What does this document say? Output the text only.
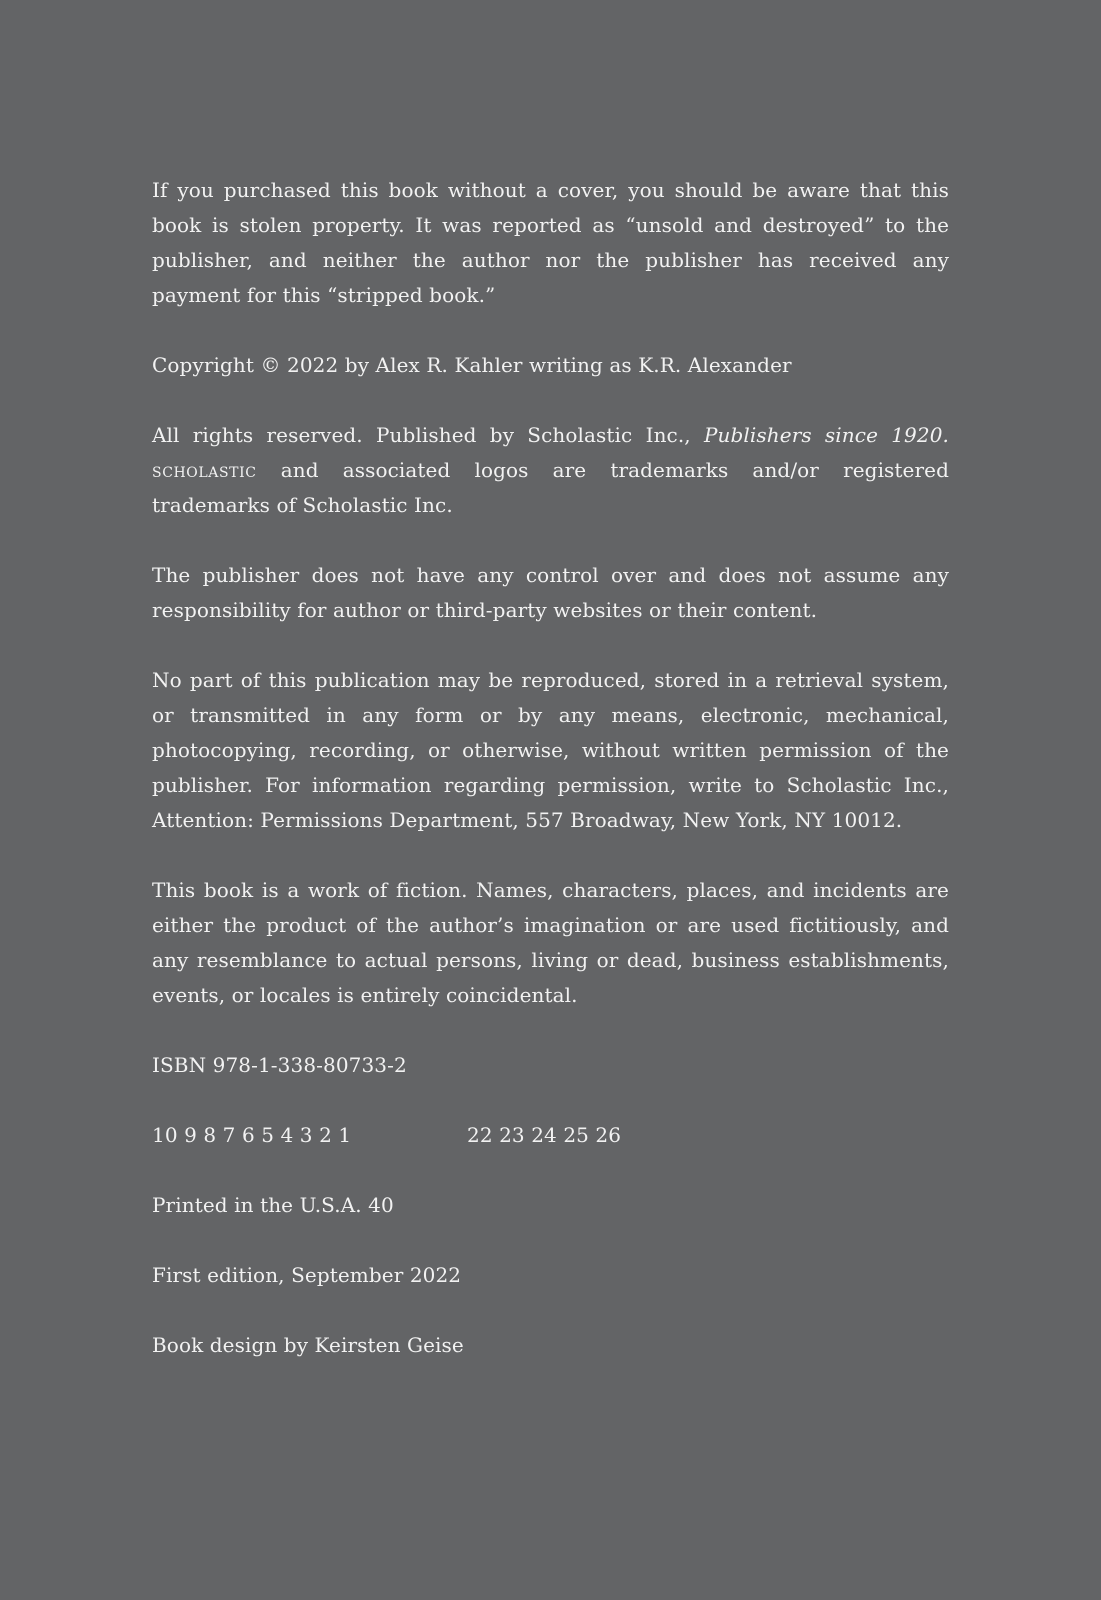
If you purchased this book without a cover, you should be aware that this book is stolen property. It was reported as “unsold and destroyed” to the publisher, and neither the author nor the publisher has received any payment for this “stripped book.”

Copyright © 2022 by Alex R. Kahler writing as K.R. Alexander

All rights reserved. Published by Scholastic Inc., Publishers since 1920. scholastic and associated logos are trademarks and/or registered trademarks of Scholastic Inc.

The publisher does not have any control over and does not assume any responsibility for author or third-party websites or their content.

No part of this publication may be reproduced, stored in a retrieval system, or transmitted in any form or by any means, electronic, mechanical, photocopying, recording, or otherwise, without written permission of the publisher. For information regarding permission, write to Scholastic Inc., Attention: Permissions Department, 557 Broadway, New York, NY 10012.

This book is a work of fiction. Names, characters, places, and incidents are either the product of the author’s imagination or are used fictitiously, and any resemblance to actual persons, living or dead, business establishments, events, or locales is entirely coincidental.

ISBN 978-1-338-80733-2

10 9 8 7 6 5 4 3 2 1	22 23 24 25 26

Printed in the U.S.A. 40

First edition, September 2022

Book design by Keirsten Geise
